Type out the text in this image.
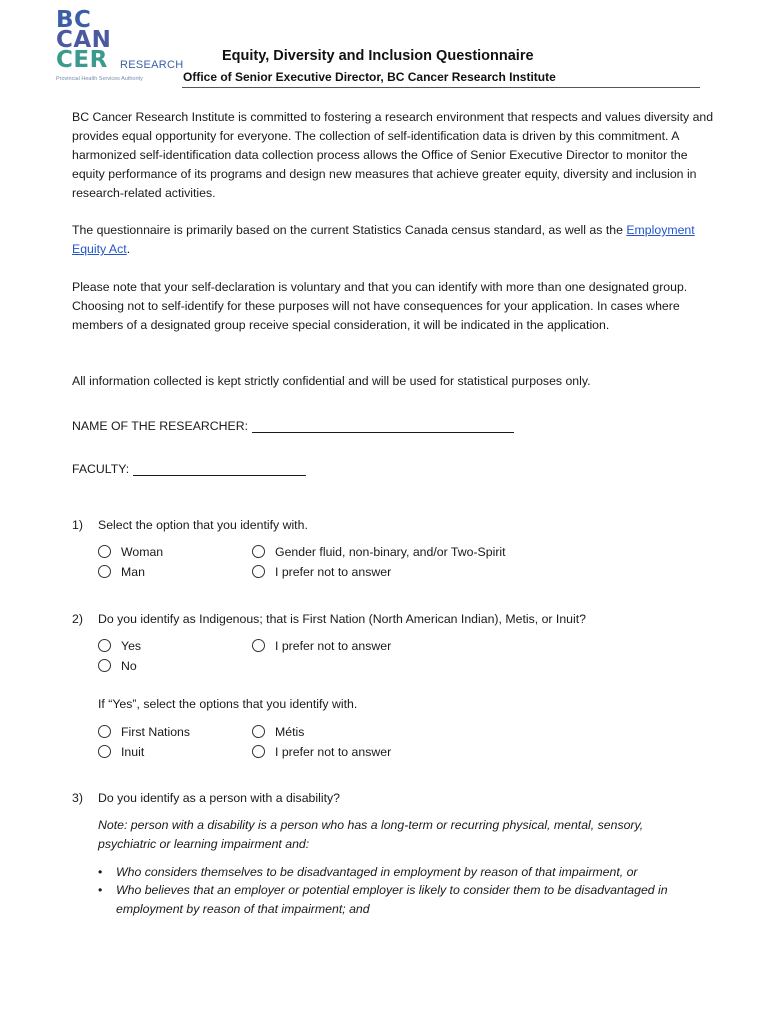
BC
CAN
CER RESEARCH
Provincial Health Services Authority
Equity, Diversity and Inclusion Questionnaire
Office of Senior Executive Director, BC Cancer Research Institute
BC Cancer Research Institute is committed to fostering a research environment that respects and values diversity and provides equal opportunity for everyone. The collection of self-identification data is driven by this commitment. A harmonized self-identification data collection process allows the Office of Senior Executive Director to monitor the equity performance of its programs and design new measures that achieve greater equity, diversity and inclusion in research-related activities.
The questionnaire is primarily based on the current Statistics Canada census standard, as well as the Employment Equity Act.
Please note that your self-declaration is voluntary and that you can identify with more than one designated group. Choosing not to self-identify for these purposes will not have consequences for your application. In cases where members of a designated group receive special consideration, it will be indicated in the application.
All information collected is kept strictly confidential and will be used for statistical purposes only.
NAME OF THE RESEARCHER:
FACULTY:
1) Select the option that you identify with.
Woman
Man
Gender fluid, non-binary, and/or Two-Spirit
I prefer not to answer
2) Do you identify as Indigenous; that is First Nation (North American Indian), Metis, or Inuit?
Yes
No
I prefer not to answer
If “Yes”, select the options that you identify with.
First Nations
Inuit
Métis
I prefer not to answer
3) Do you identify as a person with a disability?
Note: person with a disability is a person who has a long-term or recurring physical, mental, sensory, psychiatric or learning impairment and:
• Who considers themselves to be disadvantaged in employment by reason of that impairment, or
• Who believes that an employer or potential employer is likely to consider them to be disadvantaged in employment by reason of that impairment; and
